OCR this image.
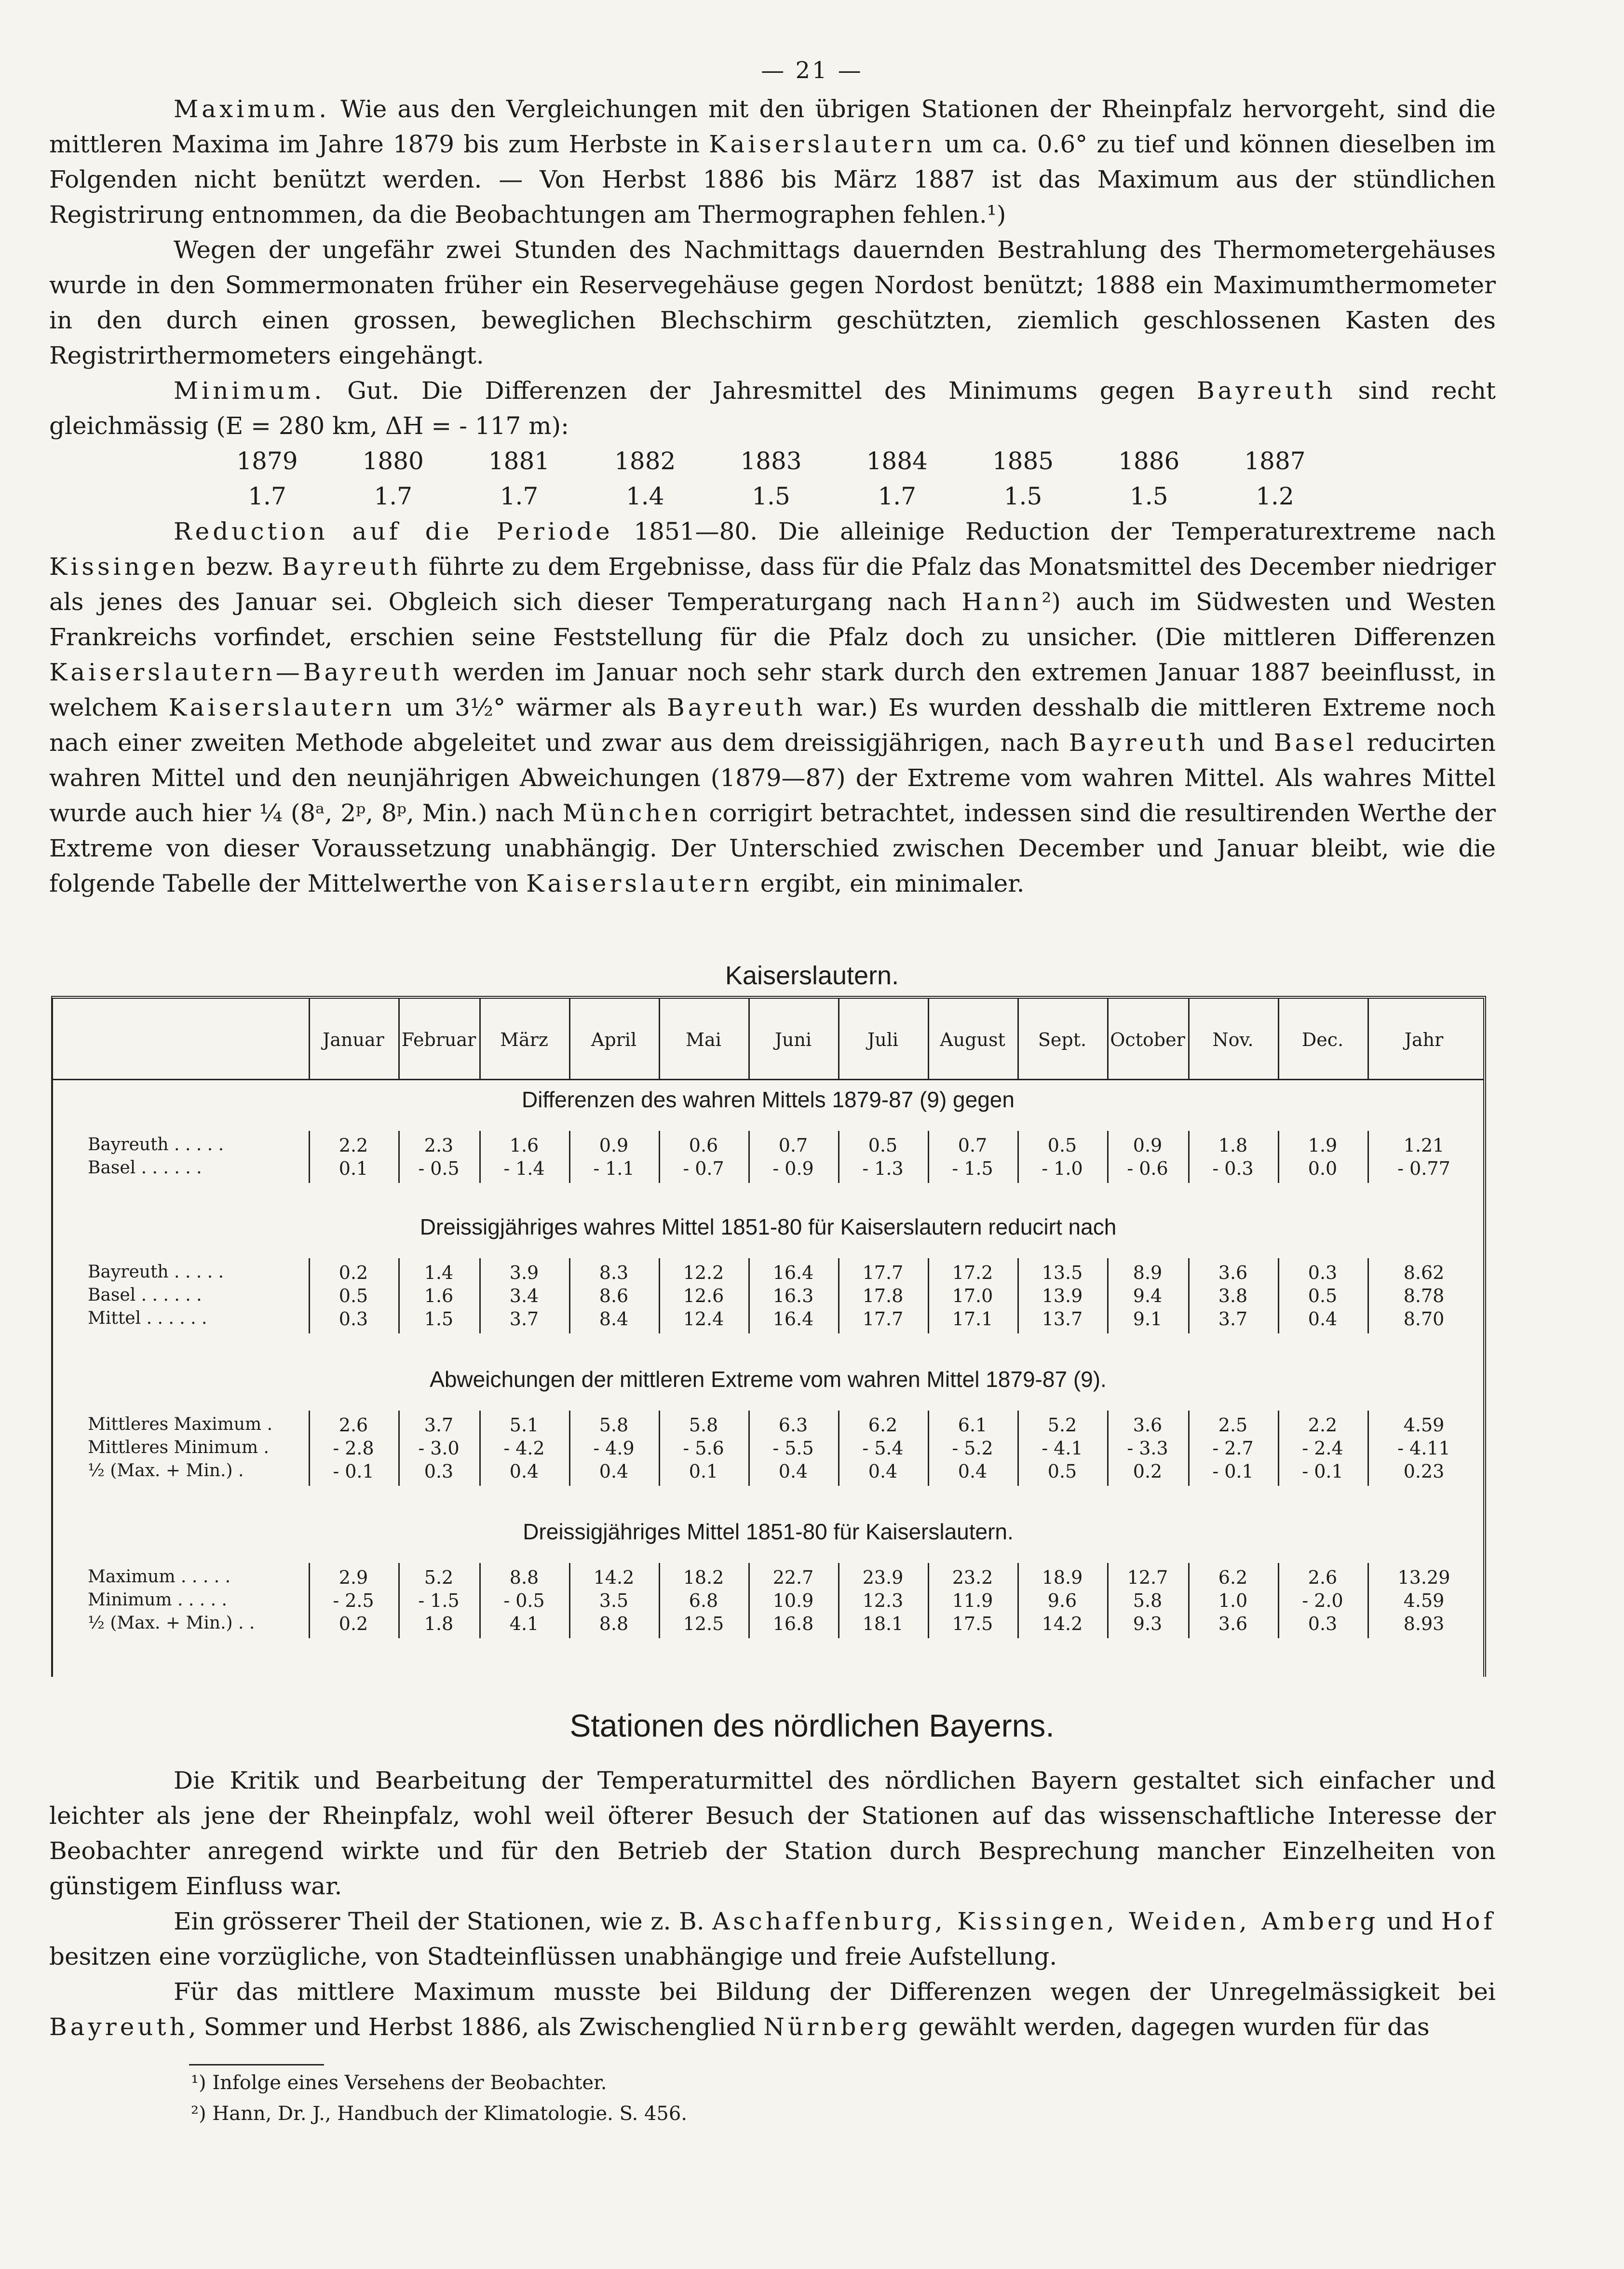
— 21 —

Maximum. Wie aus den Vergleichungen mit den übrigen Stationen der Rheinpfalz hervorgeht, sind die mittleren Maxima im Jahre 1879 bis zum Herbste in Kaiserslautern um ca. 0.6° zu tief und können dieselben im Folgenden nicht benützt werden. — Von Herbst 1886 bis März 1887 ist das Maximum aus der stündlichen Registrirung entnommen, da die Beobachtungen am Thermographen fehlen.¹)

Wegen der ungefähr zwei Stunden des Nachmittags dauernden Bestrahlung des Thermometergehäuses wurde in den Sommermonaten früher ein Reservegehäuse gegen Nordost benützt; 1888 ein Maximumthermometer in den durch einen grossen, beweglichen Blechschirm geschützten, ziemlich geschlossenen Kasten des Registrirthermometers eingehängt.

Minimum. Gut. Die Differenzen der Jahresmittel des Minimums gegen Bayreuth sind recht gleichmässig (E = 280 km, ΔH = - 117 m):

1879	1880	1881	1882	1883	1884	1885	1886	1887
1.7	1.7	1.7	1.4	1.5	1.7	1.5	1.5	1.2

Reduction auf die Periode 1851—80. Die alleinige Reduction der Temperaturextreme nach Kissingen bezw. Bayreuth führte zu dem Ergebnisse, dass für die Pfalz das Monatsmittel des December niedriger als jenes des Januar sei. Obgleich sich dieser Temperaturgang nach Hann²) auch im Südwesten und Westen Frankreichs vorfindet, erschien seine Feststellung für die Pfalz doch zu unsicher. (Die mittleren Differenzen Kaiserslautern—Bayreuth werden im Januar noch sehr stark durch den extremen Januar 1887 beeinflusst, in welchem Kaiserslautern um 3½° wärmer als Bayreuth war.) Es wurden desshalb die mittleren Extreme noch nach einer zweiten Methode abgeleitet und zwar aus dem dreissigjährigen, nach Bayreuth und Basel reducirten wahren Mittel und den neunjährigen Abweichungen (1879—87) der Extreme vom wahren Mittel. Als wahres Mittel wurde auch hier ¼ (8ᵃ, 2ᵖ, 8ᵖ, Min.) nach München corrigirt betrachtet, indessen sind die resultirenden Werthe der Extreme von dieser Voraussetzung unabhängig. Der Unterschied zwischen December und Januar bleibt, wie die folgende Tabelle der Mittelwerthe von Kaiserslautern ergibt, ein minimaler.

Kaiserslautern.
Januar Februar	März	April	Mai	Juni	Juli	August	Sept.	October	Nov.	Dec.	Jahr
Differenzen des wahren Mittels 1879-87 (9) gegen
Bayreuth . . . . .	2.2	2.3	1.6	0.9	0.6	0.7	0.5	0.7	0.5	0.9	1.8	1.9	1.21
Basel . . . . . .	0.1	- 0.5	- 1.4	- 1.1	- 0.7	- 0.9	- 1.3	- 1.5	- 1.0	- 0.6	- 0.3	0.0	- 0.77
Dreissigjähriges wahres Mittel 1851-80 für Kaiserslautern reducirt nach
Bayreuth . . . . .	0.2	1.4	3.9	8.3	12.2	16.4	17.7	17.2	13.5	8.9	3.6	0.3	8.62
Basel . . . . . .	0.5	1.6	3.4	8.6	12.6	16.3	17.8	17.0	13.9	9.4	3.8	0.5	8.78
Mittel . . . . . .	0.3	1.5	3.7	8.4	12.4	16.4	17.7	17.1	13.7	9.1	3.7	0.4	8.70
Abweichungen der mittleren Extreme vom wahren Mittel 1879-87 (9).
Mittleres Maximum .	2.6	3.7	5.1	5.8	5.8	6.3	6.2	6.1	5.2	3.6	2.5	2.2	4.59
Mittleres Minimum .	- 2.8	- 3.0	- 4.2	- 4.9	- 5.6	- 5.5	- 5.4	- 5.2	- 4.1	- 3.3	- 2.7	- 2.4	- 4.11
½ (Max. + Min.) .	- 0.1	0.3	0.4	0.4	0.1	0.4	0.4	0.4	0.5	0.2	- 0.1	- 0.1	0.23
Dreissigjähriges Mittel 1851-80 für Kaiserslautern.
Maximum . . . . .	2.9	5.2	8.8	14.2	18.2	22.7	23.9	23.2	18.9	12.7	6.2	2.6	13.29
Minimum . . . . .	- 2.5	- 1.5	- 0.5	3.5	6.8	10.9	12.3	11.9	9.6	5.8	1.0	- 2.0	4.59
½ (Max. + Min.) . .	0.2	1.8	4.1	8.8	12.5	16.8	18.1	17.5	14.2	9.3	3.6	0.3	8.93
Stationen des nördlichen Bayerns.

Die Kritik und Bearbeitung der Temperaturmittel des nördlichen Bayern gestaltet sich einfacher und leichter als jene der Rheinpfalz, wohl weil öfterer Besuch der Stationen auf das wissenschaftliche Interesse der Beobachter anregend wirkte und für den Betrieb der Station durch Besprechung mancher Einzelheiten von günstigem Einfluss war.

Ein grösserer Theil der Stationen, wie z. B. Aschaffenburg, Kissingen, Weiden, Amberg und Hof besitzen eine vorzügliche, von Stadteinflüssen unabhängige und freie Aufstellung.

Für das mittlere Maximum musste bei Bildung der Differenzen wegen der Unregelmässigkeit bei Bayreuth, Sommer und Herbst 1886, als Zwischenglied Nürnberg gewählt werden, dagegen wurden für das

¹) Infolge eines Versehens der Beobachter.
²) Hann, Dr. J., Handbuch der Klimatologie. S. 456.
